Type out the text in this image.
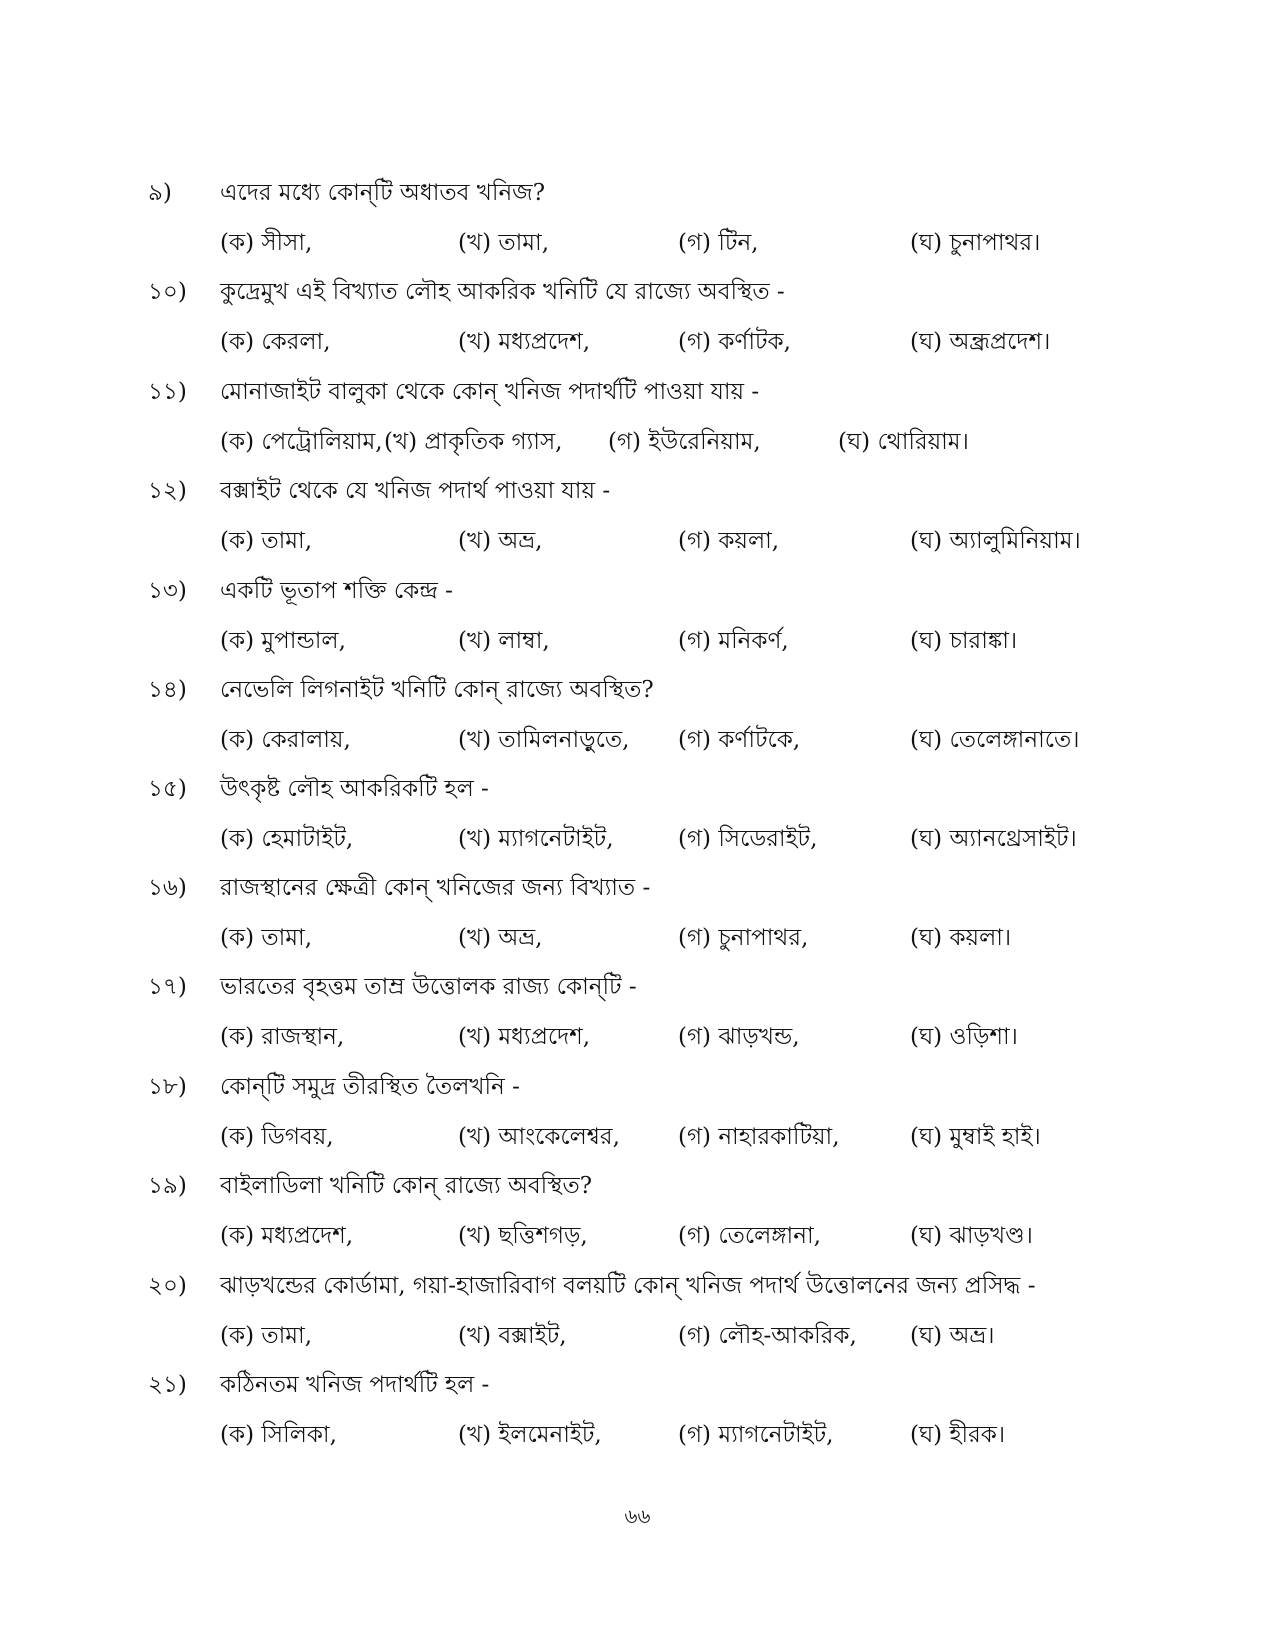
৯) এদের মধ্যে কোন্‌টি অধাতব খনিজ?
(ক) সীসা,	(খ) তামা,	(গ) টিন,	(ঘ) চুনাপাথর।
১০) কুদ্রেমুখ এই বিখ্যাত লৌহ আকরিক খনিটি যে রাজ্যে অবস্থিত -
(ক) কেরলা,	(খ) মধ্যপ্রদেশ,	(গ) কর্ণাটক,	(ঘ) অন্ধ্রপ্রদেশ।
১১) মোনাজাইট বালুকা থেকে কোন্‌ খনিজ পদার্থটি পাওয়া যায় -
(ক) পেট্রোলিয়াম, (খ) প্রাকৃতিক গ্যাস, (গ) ইউরেনিয়াম,	(ঘ) থোরিয়াম।
১২) বক্সাইট থেকে যে খনিজ পদার্থ পাওয়া যায় -
(ক) তামা,	(খ) অভ্র,	(গ) কয়লা,	(ঘ) অ্যালুমিনিয়াম।
১৩) একটি ভূতাপ শক্তি কেন্দ্র -
(ক) মুপান্ডাল,	(খ) লাম্বা,	(গ) মনিকর্ণ,	(ঘ) চারাঙ্কা।
১৪) নেভেলি লিগনাইট খনিটি কোন্‌ রাজ্যে অবস্থিত?
(ক) কেরালায়,	(খ) তামিলনাড়ুতে, (গ) কর্ণাটকে,	(ঘ) তেলেঙ্গানাতে।
১৫) উৎকৃষ্ট লৌহ আকরিকটি হল -
(ক) হেমাটাইট,	(খ) ম্যাগনেটাইট,	(গ) সিডেরাইট,	(ঘ) অ্যানথ্রেসাইট।
১৬) রাজস্থানের ক্ষেত্রী কোন্‌ খনিজের জন্য বিখ্যাত -
(ক) তামা,	(খ) অভ্র,	(গ) চুনাপাথর,	(ঘ) কয়লা।
১৭) ভারতের বৃহত্তম তাম্র উত্তোলক রাজ্য কোন্‌টি -
(ক) রাজস্থান,	(খ) মধ্যপ্রদেশ,	(গ) ঝাড়খন্ড,	(ঘ) ওড়িশা।
১৮) কোন্‌টি সমুদ্র তীরস্থিত তৈলখনি -
(ক) ডিগবয়,	(খ) আংকেলেশ্বর,	(গ) নাহারকাটিয়া,	(ঘ) মুম্বাই হাই।
১৯) বাইলাডিলা খনিটি কোন্‌ রাজ্যে অবস্থিত?
(ক) মধ্যপ্রদেশ,	(খ) ছত্তিশগড়,	(গ) তেলেঙ্গানা,	(ঘ) ঝাড়খণ্ড।
২০) ঝাড়খন্ডের কোর্ডামা, গয়া-হাজারিবাগ বলয়টি কোন্‌ খনিজ পদার্থ উত্তোলনের জন্য প্রসিদ্ধ -
(ক) তামা,	(খ) বক্সাইট,	(গ) লৌহ-আকরিক, (ঘ) অভ্র।
২১) কঠিনতম খনিজ পদার্থটি হল -
(ক) সিলিকা,	(খ) ইলমেনাইট,	(গ) ম্যাগনেটাইট,	(ঘ) হীরক।
৬৬
